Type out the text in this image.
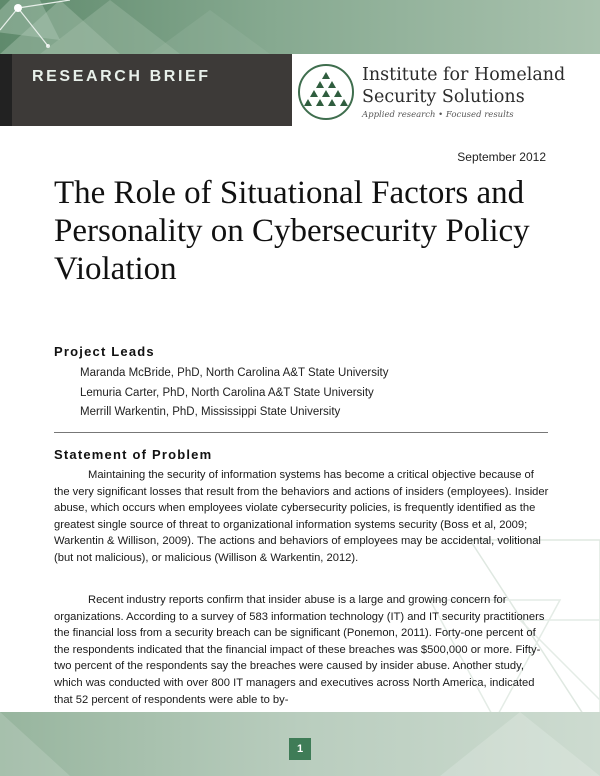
RESEARCH BRIEF	Institute for Homeland
Security Solutions
Applied research • Focused results
September 2012
The Role of Situational Factors and Personality on Cybersecurity Policy Violation
Project Leads
Maranda McBride, PhD, North Carolina A&T State University
Lemuria Carter, PhD, North Carolina A&T State University
Merrill Warkentin, PhD, Mississippi State University
Statement of Problem

Maintaining the security of information systems has become a critical objective because of the very significant losses that result from the behaviors and actions of insiders (employees). Insider abuse, which occurs when employees violate cybersecurity policies, is frequently identified as the greatest single source of threat to organizational information systems security (Boss et al, 2009; Warkentin & Willison, 2009). The actions and behaviors of employees may be accidental, volitional (but not malicious), or malicious (Willison & Warkentin, 2012).

Recent industry reports confirm that insider abuse is a large and growing concern for organizations. According to a survey of 583 information technology (IT) and IT security practitioners the financial loss from a security breach can be significant (Ponemon, 2011). Forty-one percent of the respondents indicated that the financial impact of these breaches was $500,000 or more. Fifty-two percent of the respondents say the breaches were caused by insider abuse. Another study, which was conducted with over 800 IT managers and executives across North America, indicated that 52 percent of respondents were able to by-

1
